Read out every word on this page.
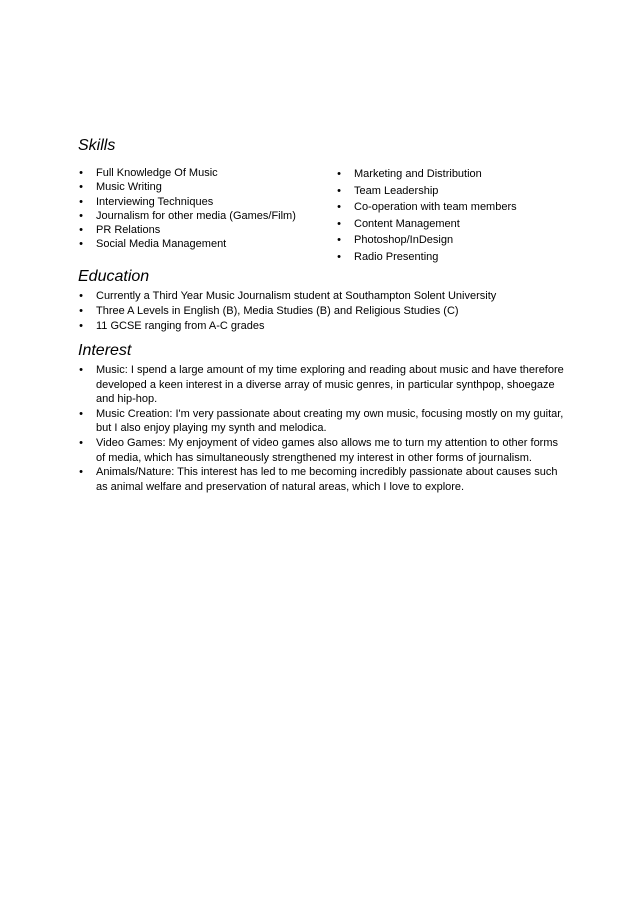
Skills
• Full Knowledge Of Music
• Music Writing
• Interviewing Techniques
• Journalism for other media (Games/Film)
• PR Relations
• Social Media Management
• Marketing and Distribution
• Team Leadership
• Co-operation with team members
• Content Management
• Photoshop/InDesign
• Radio Presenting
Education
• Currently a Third Year Music Journalism student at Southampton Solent University
• Three A Levels in English (B), Media Studies (B) and Religious Studies (C)
• 11 GCSE ranging from A-C grades
Interest
• Music: I spend a large amount of my time exploring and reading about music and have therefore developed a keen interest in a diverse array of music genres, in particular synthpop, shoegaze and hip-hop.
• Music Creation: I'm very passionate about creating my own music, focusing mostly on my guitar, but I also enjoy playing my synth and melodica.
• Video Games: My enjoyment of video games also allows me to turn my attention to other forms of media, which has simultaneously strengthened my interest in other forms of journalism.
• Animals/Nature: This interest has led to me becoming incredibly passionate about causes such as animal welfare and preservation of natural areas, which I love to explore.
